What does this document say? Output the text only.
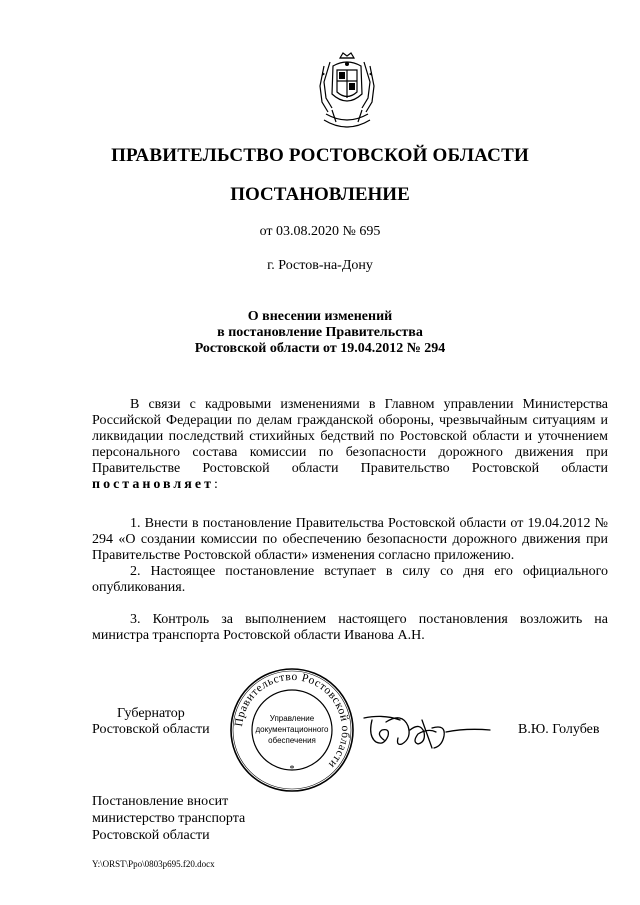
ПРАВИТЕЛЬСТВО РОСТОВСКОЙ ОБЛАСТИ
ПОСТАНОВЛЕНИЕ
от 03.08.2020 № 695
г. Ростов-на-Дону
О внесении изменений
в постановление Правительства
Ростовской области от 19.04.2012 № 294
В связи с кадровыми изменениями в Главном управлении Министерства Российской Федерации по делам гражданской обороны, чрезвычайным ситуациям и ликвидации последствий стихийных бедствий по Ростовской области и уточнением персонального состава комиссии по безопасности дорожного движения при Правительстве Ростовской области Правительство Ростовской области постановляет:
1. Внести в постановление Правительства Ростовской области от 19.04.2012 № 294 «О создании комиссии по обеспечению безопасности дорожного движения при Правительстве Ростовской области» изменения согласно приложению.
2. Настоящее постановление вступает в силу со дня его официального опубликования.
3. Контроль за выполнением настоящего постановления возложить на министра транспорта Ростовской области Иванова А.Н.
Губернатор
Ростовской области Правительство Ростовской области
*
Управление
документационного
обеспечения
В.Ю. Голубев
Постановление вносит
министерство транспорта
Ростовской области
Y:\ORST\Ppo\0803p695.f20.docx
